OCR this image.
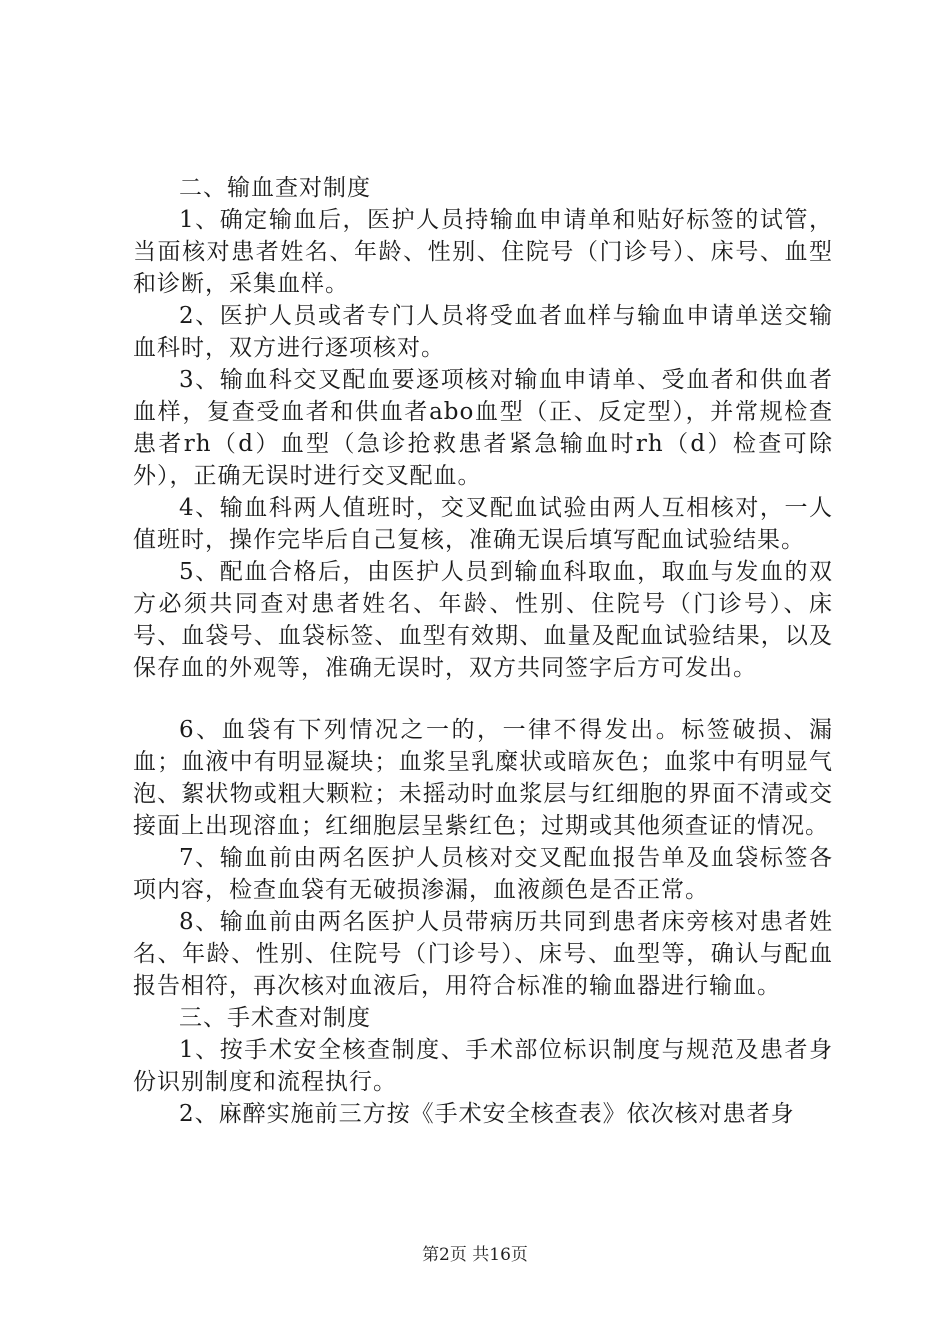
二、输血查对制度

1、确定输血后，医护人员持输血申请单和贴好标签的试管，当面核对患者姓名、年龄、性别、住院号（门诊号）、床号、血型和诊断，采集血样。

2、医护人员或者专门人员将受血者血样与输血申请单送交输血科时，双方进行逐项核对。

3、输血科交叉配血要逐项核对输血申请单、受血者和供血者血样，复查受血者和供血者abo血型（正、反定型），并常规检查患者rh（d）血型（急诊抢救患者紧急输血时rh（d）检查可除外），正确无误时进行交叉配血。

4、输血科两人值班时，交叉配血试验由两人互相核对，一人值班时，操作完毕后自己复核，准确无误后填写配血试验结果。

5、配血合格后，由医护人员到输血科取血，取血与发血的双方必须共同查对患者姓名、年龄、性别、住院号（门诊号）、床号、血袋号、血袋标签、血型有效期、血量及配血试验结果，以及保存血的外观等，准确无误时，双方共同签字后方可发出。

6、血袋有下列情况之一的，一律不得发出。标签破损、漏血；血液中有明显凝块；血浆呈乳糜状或暗灰色；血浆中有明显气泡、絮状物或粗大颗粒；未摇动时血浆层与红细胞的界面不清或交接面上出现溶血；红细胞层呈紫红色；过期或其他须查证的情况。

7、输血前由两名医护人员核对交叉配血报告单及血袋标签各项内容，检查血袋有无破损渗漏，血液颜色是否正常。

8、输血前由两名医护人员带病历共同到患者床旁核对患者姓名、年龄、性别、住院号（门诊号）、床号、血型等，确认与配血报告相符，再次核对血液后，用符合标准的输血器进行输血。

三、手术查对制度

1、按手术安全核查制度、手术部位标识制度与规范及患者身份识别制度和流程执行。

2、麻醉实施前三方按《手术安全核查表》依次核对患者身

第2页 共16页
